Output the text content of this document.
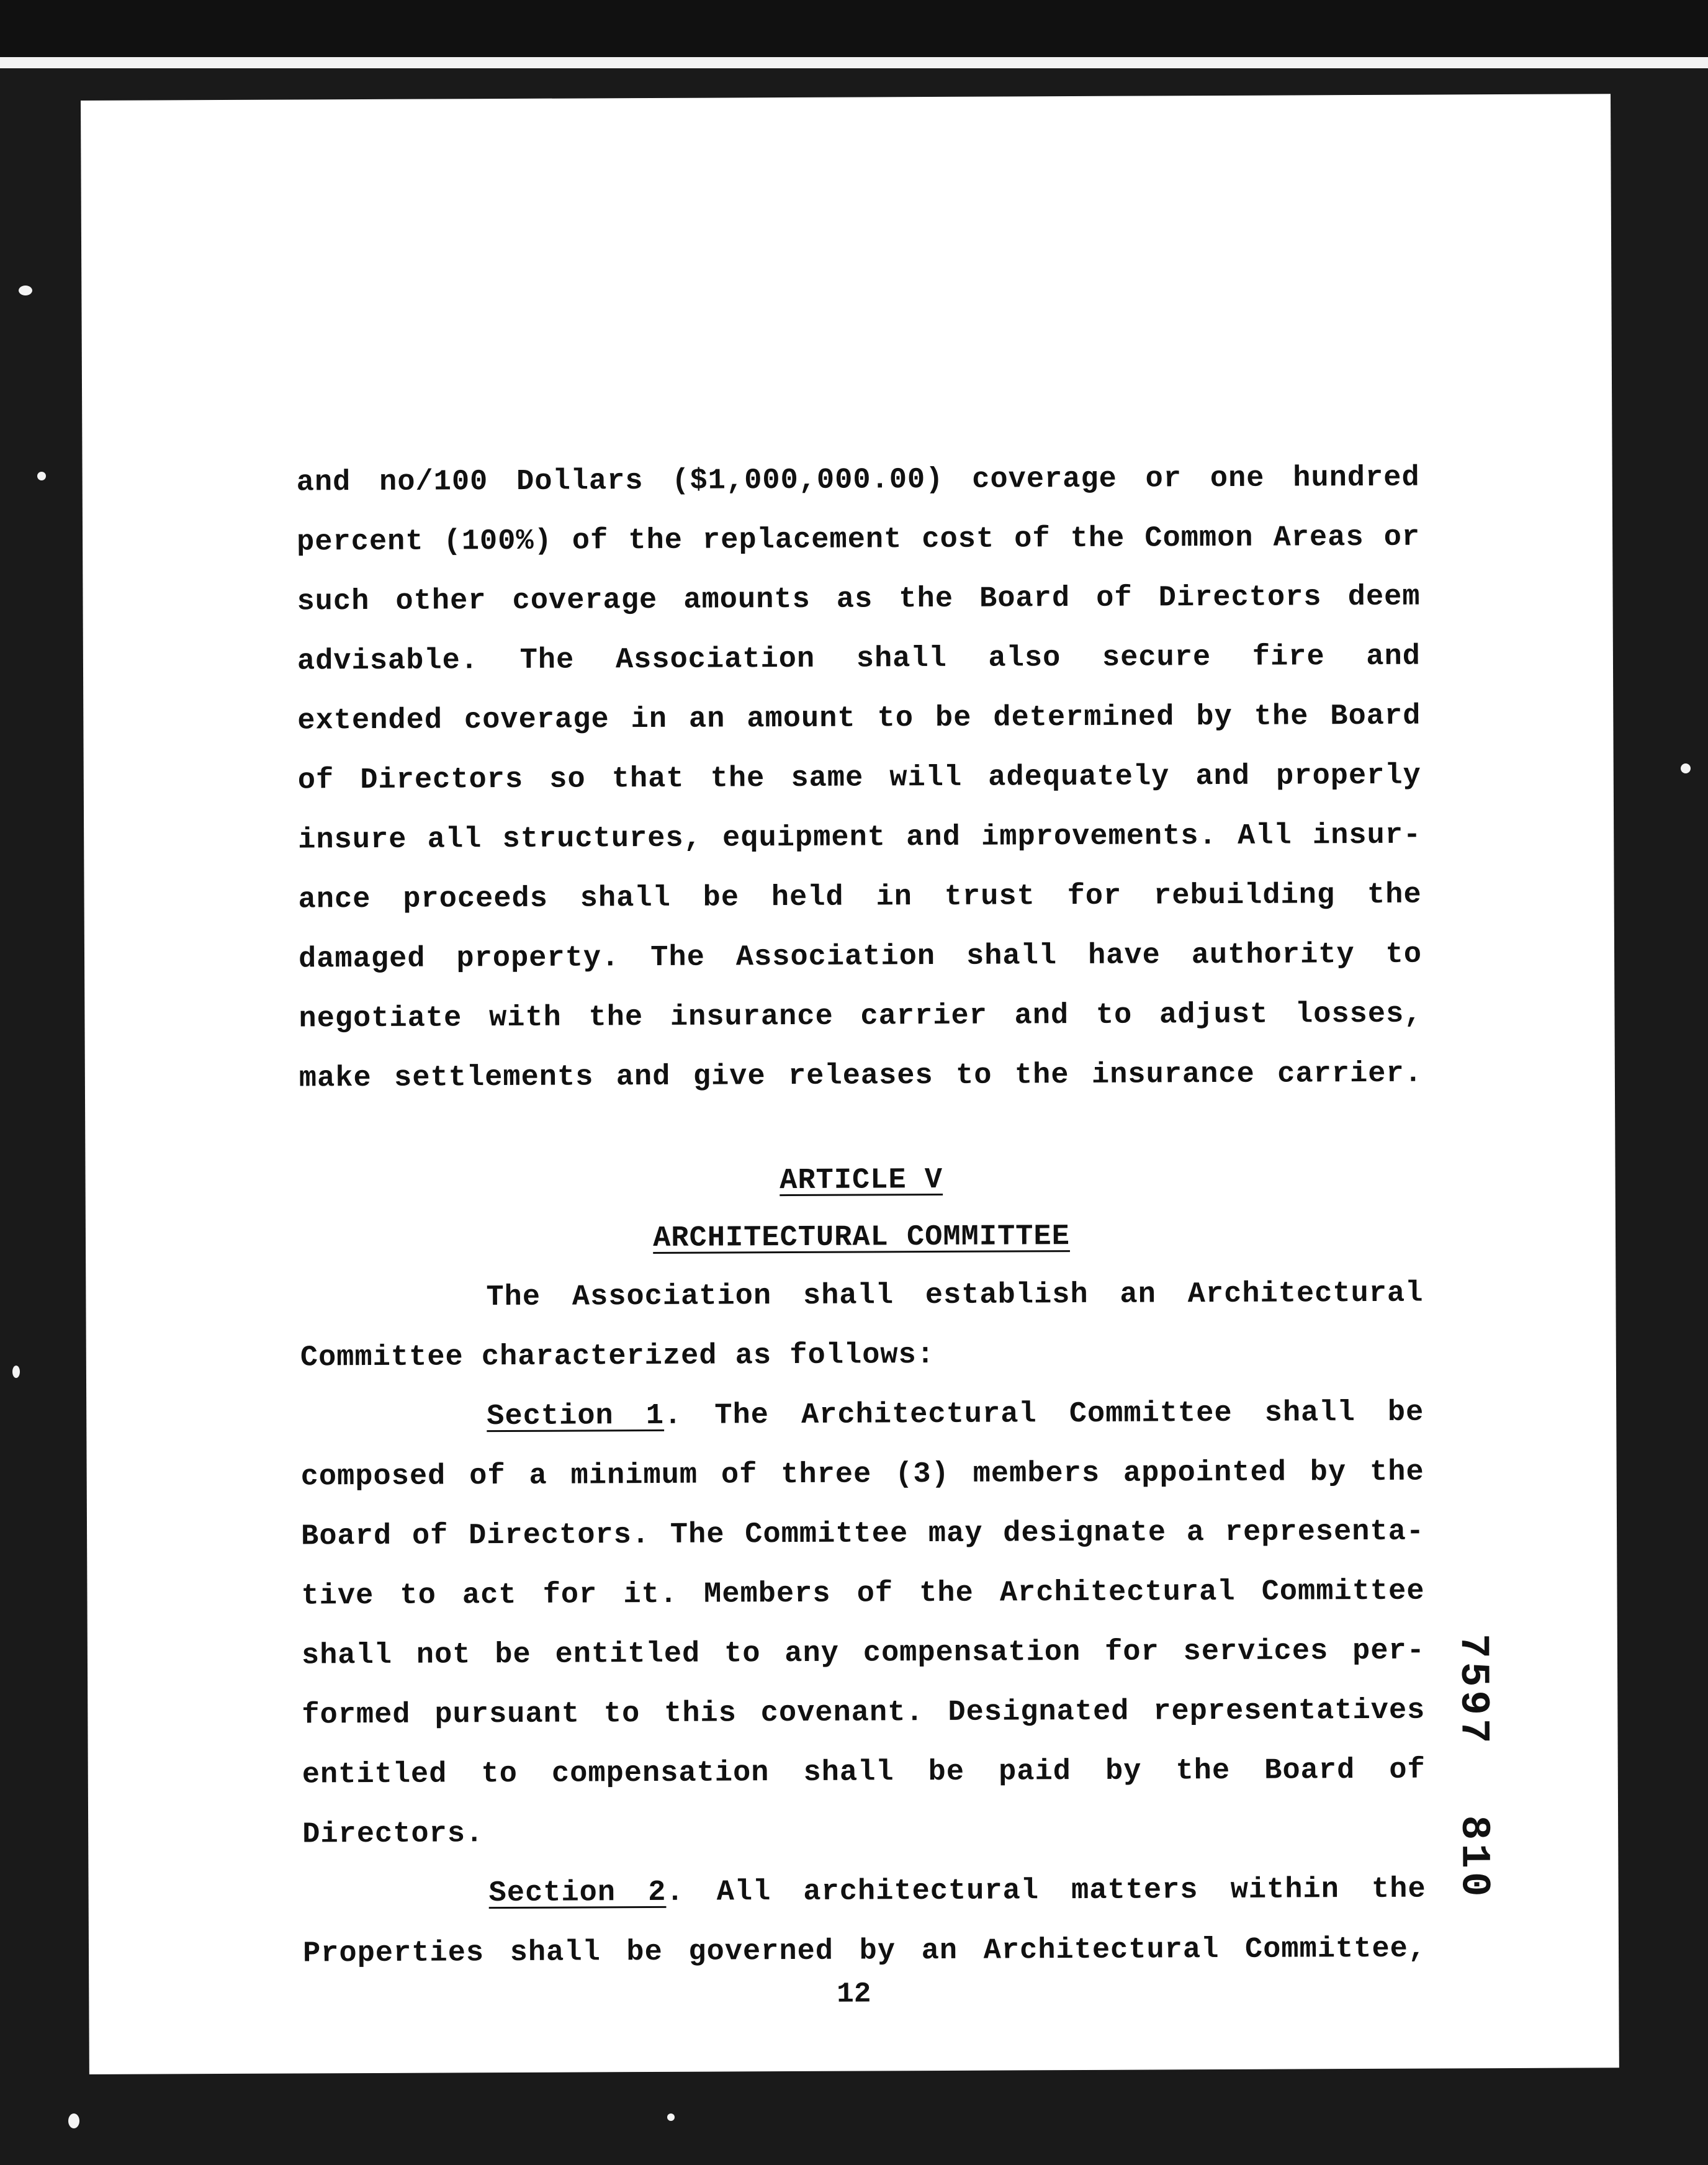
and no/100 Dollars ($1,000,000.00) coverage or one hundred
percent (100%) of the replacement cost of the Common Areas or
such other coverage amounts as the Board of Directors deem
advisable. The Association shall also secure fire and
extended coverage in an amount to be determined by the Board
of Directors so that the same will adequately and properly
insure all structures, equipment and improvements. All insur-
ance proceeds shall be held in trust for rebuilding the
damaged property. The Association shall have authority to
negotiate with the insurance carrier and to adjust losses,
make settlements and give releases to the insurance carrier.
ARTICLE V
ARCHITECTURAL COMMITTEE
The Association shall establish an Architectural
Committee characterized as follows:
Section 1. The Architectural Committee shall be
composed of a minimum of three (3) members appointed by the
Board of Directors. The Committee may designate a representa-
tive to act for it. Members of the Architectural Committee
shall not be entitled to any compensation for services per-
formed pursuant to this covenant. Designated representatives
entitled to compensation shall be paid by the Board of
Directors.
Section 2. All architectural matters within the
Properties shall be governed by an Architectural Committee,
12
7597810
